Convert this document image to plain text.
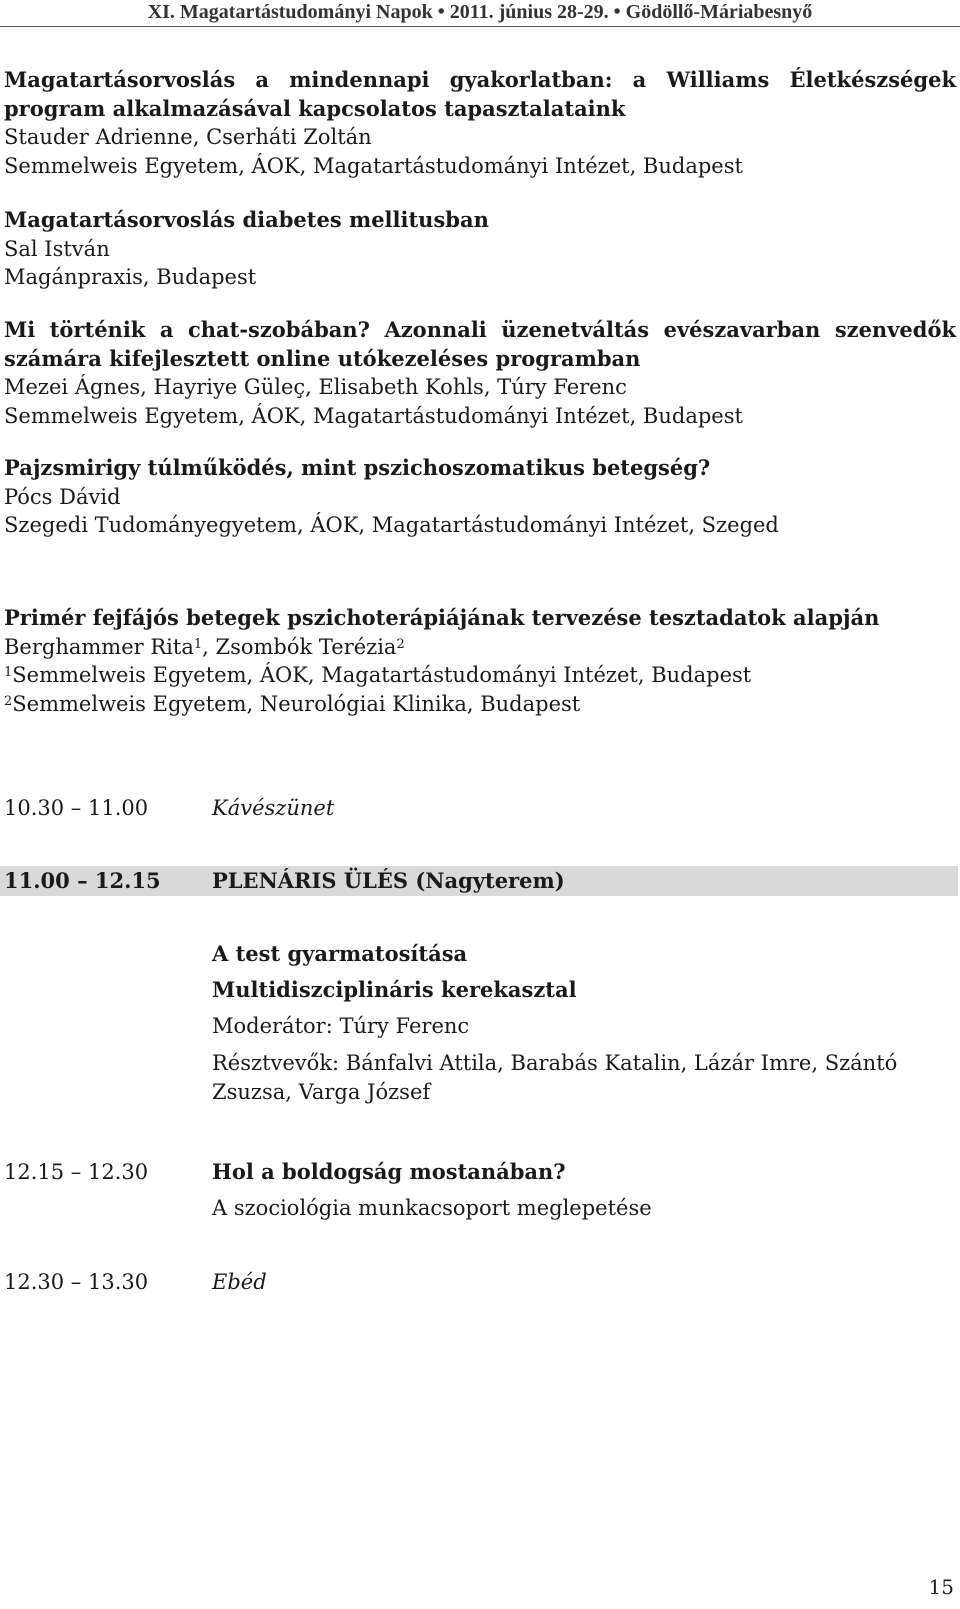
XI. Magatartástudományi Napok • 2011. június 28-29. • Gödöllő-Máriabesnyő
Magatartásorvoslás a mindennapi gyakorlatban: a Williams Életkészségek program alkalmazásával kapcsolatos tapasztalataink
Stauder Adrienne, Cserháti Zoltán
Semmelweis Egyetem, ÁOK, Magatartástudományi Intézet, Budapest
Magatartásorvoslás diabetes mellitusban
Sal István
Magánpraxis, Budapest
Mi történik a chat-szobában? Azonnali üzenetváltás evészavarban szenvedők számára kifejlesztett online utókezeléses programban
Mezei Ágnes, Hayriye Güleç, Elisabeth Kohls, Túry Ferenc
Semmelweis Egyetem, ÁOK, Magatartástudományi Intézet, Budapest
Pajzsmirigy túlműködés, mint pszichoszomatikus betegség?
Pócs Dávid
Szegedi Tudományegyetem, ÁOK, Magatartástudományi Intézet, Szeged
Primér fejfájós betegek pszichoterápiájának tervezése tesztadatok alapján
Berghammer Rita$^1$, Zsombók Terézia$^2$
$^1$Semmelweis Egyetem, ÁOK, Magatartástudományi Intézet, Budapest
$^2$Semmelweis Egyetem, Neurológiai Klinika, Budapest
10.30 – 11.00	Kávészünet
11.00 – 12.15 PLENÁRIS ÜLÉS (Nagyterem)
A test gyarmatosítása
Multidiszciplináris kerekasztal
Moderátor: Túry Ferenc
Résztvevők: Bánfalvi Attila, Barabás Katalin, Lázár Imre, Szántó
Zsuzsa, Varga József
12.15 – 12.30	Hol a boldogság mostanában?
A szociológia munkacsoport meglepetése
12.30 – 13.30	Ebéd
15
